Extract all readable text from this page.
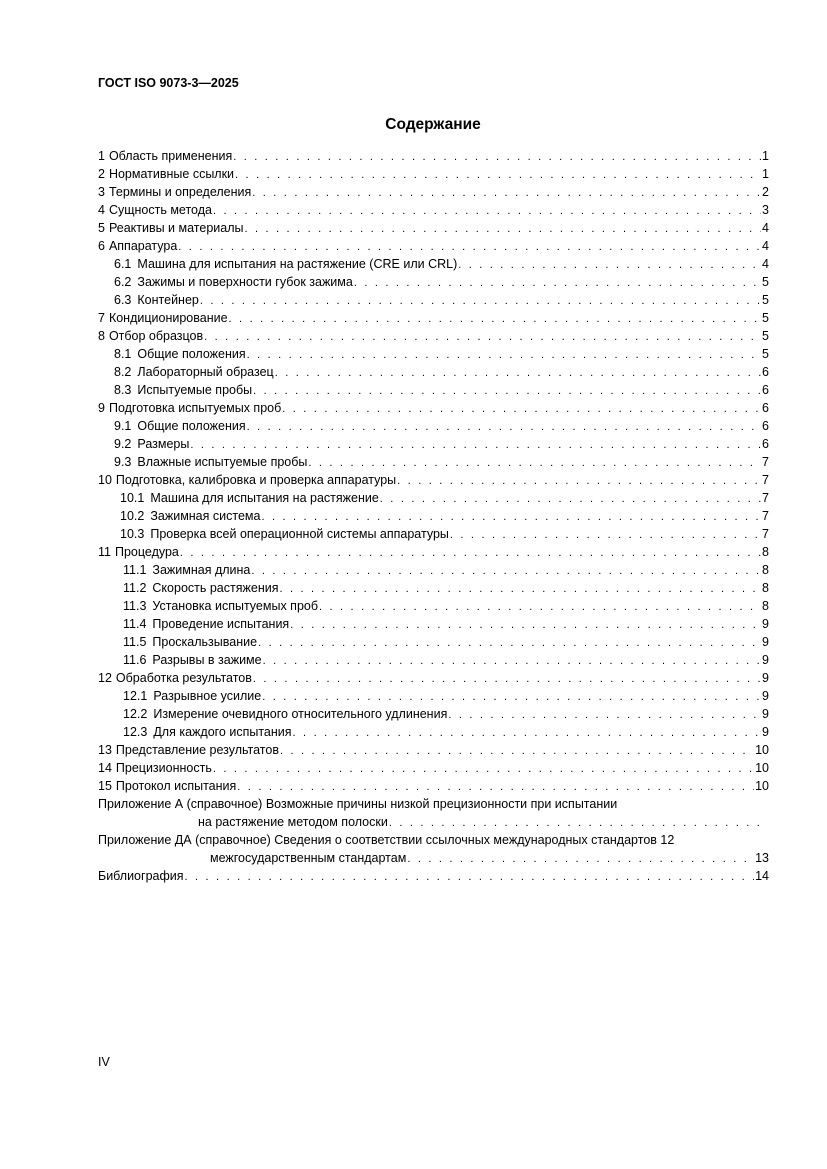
ГОСТ ISO 9073-3—2025
Содержание
1 Область применения . . .	1
2 Нормативные ссылки . . .	1
3 Термины и определения . . .	2
4 Сущность метода . . .	3
5 Реактивы и материалы . . .	4
6 Аппаратура . . .	4
6.1 Машина для испытания на растяжение (CRE или CRL) . . .	4
6.2 Зажимы и поверхности губок зажима . . .	5
6.3 Контейнер . . .	5
7 Кондиционирование . . .	5
8 Отбор образцов . . .	5
8.1 Общие положения . . .	5
8.2 Лабораторный образец . . .	6
8.3 Испытуемые пробы . . .	6
9 Подготовка испытуемых проб . . .	6
9.1 Общие положения . . .	6
9.2 Размеры . . .	6
9.3 Влажные испытуемые пробы . . .	7
10 Подготовка, калибровка и проверка аппаратуры . . .	7
10.1 Машина для испытания на растяжение . . .	7
10.2 Зажимная система . . .	7
10.3 Проверка всей операционной системы аппаратуры . . .	7
11 Процедура . . .	8
11.1 Зажимная длина . . .	8
11.2 Скорость растяжения . . .	8
11.3 Установка испытуемых проб . . .	8
11.4 Проведение испытания . . .	9
11.5 Проскальзывание . . .	9
11.6 Разрывы в зажиме . . .	9
12 Обработка результатов . . .	9
12.1 Разрывное усилие . . .	9
12.2 Измерение очевидного относительного удлинения . . .	9
12.3 Для каждого испытания . . .	9
13 Представление результатов . . .	10
14 Прецизионность . . .	10
15 Протокол испытания . . .	10
Приложение А (справочное) Возможные причины низкой прецизионности при испытании
на растяжение методом полоски
. . .
Приложение ДА (справочное) Сведения о соответствии ссылочных международных стандартов 12
межгосударственным стандартам . . .	13
Библиография . . .	14
IV
